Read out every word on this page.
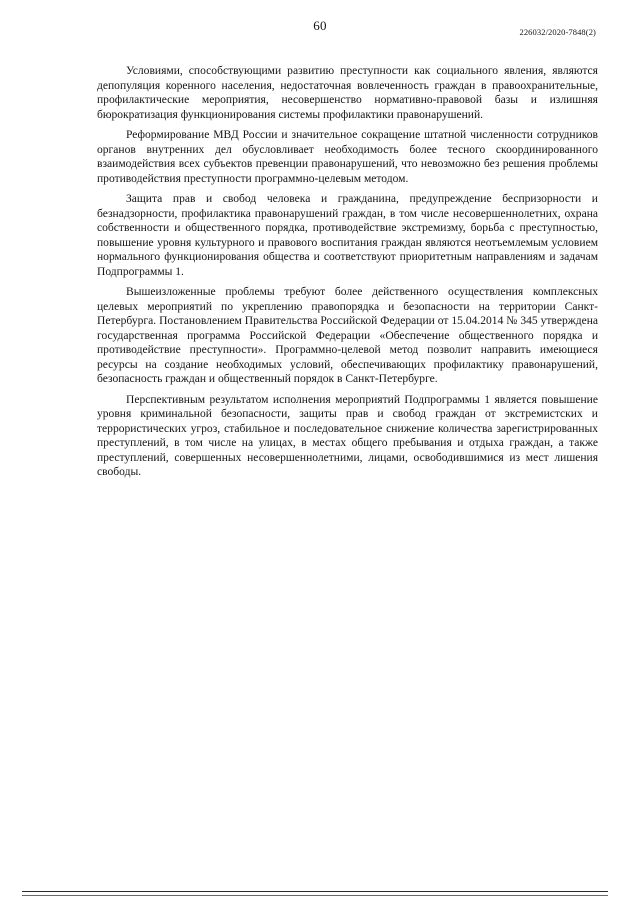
60	226032/2020-7848(2)

Условиями, способствующими развитию преступности как социального явления, являются депопуляция коренного населения, недостаточная вовлеченность граждан в правоохранительные, профилактические мероприятия, несовершенство нормативно-правовой базы и излишняя бюрократизация функционирования системы профилактики правонарушений.

Реформирование МВД России и значительное сокращение штатной численности сотрудников органов внутренних дел обусловливает необходимость более тесного скоординированного взаимодействия всех субъектов превенции правонарушений, что невозможно без решения проблемы противодействия преступности программно-целевым методом.

Защита прав и свобод человека и гражданина, предупреждение беспризорности и безнадзорности, профилактика правонарушений граждан, в том числе несовершеннолетних, охрана собственности и общественного порядка, противодействие экстремизму, борьба с преступностью, повышение уровня культурного и правового воспитания граждан являются неотъемлемым условием нормального функционирования общества и соответствуют приоритетным направлениям и задачам Подпрограммы 1.

Вышеизложенные проблемы требуют более действенного осуществления комплексных целевых мероприятий по укреплению правопорядка и безопасности на территории Санкт-Петербурга. Постановлением Правительства Российской Федерации от 15.04.2014 № 345 утверждена государственная программа Российской Федерации «Обеспечение общественного порядка и противодействие преступности». Программно-целевой метод позволит направить имеющиеся ресурсы на создание необходимых условий, обеспечивающих профилактику правонарушений, безопасность граждан и общественный порядок в Санкт-Петербурге.

Перспективным результатом исполнения мероприятий Подпрограммы 1 является повышение уровня криминальной безопасности, защиты прав и свобод граждан от экстремистских и террористических угроз, стабильное и последовательное снижение количества зарегистрированных преступлений, в том числе на улицах, в местах общего пребывания и отдыха граждан, а также преступлений, совершенных несовершеннолетними, лицами, освободившимися из мест лишения свободы.
